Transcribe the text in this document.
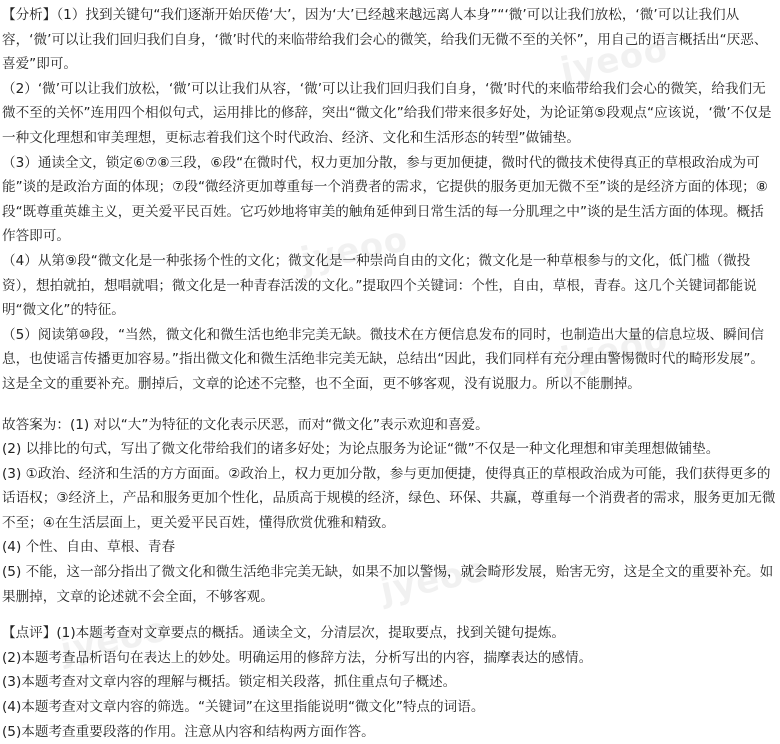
【分析】（1）找到关键句“我们逐渐开始厌倦‘大’，因为‘大’已经越来越远离人本身”“‘微’可以让我们放松，‘微’可以让我们从容，‘微’可以让我们回归我们自身，‘微’时代的来临带给我们会心的微笑，给我们无微不至的关怀”，用自己的语言概括出“厌恶、喜爱”即可。

（2）‘微’可以让我们放松，‘微’可以让我们从容，‘微’可以让我们回归我们自身，‘微’时代的来临带给我们会心的微笑，给我们无微不至的关怀”连用四个相似句式，运用排比的修辞，突出“微文化”给我们带来很多好处，为论证第⑤段观点“应该说，‘微’不仅是一种文化理想和审美理想，更标志着我们这个时代政治、经济、文化和生活形态的转型”做铺垫。

（3）通读全文，锁定⑥⑦⑧三段，⑥段“在微时代，权力更加分散，参与更加便捷，微时代的微技术使得真正的草根政治成为可能”谈的是政治方面的体现；⑦段“微经济更加尊重每一个消费者的需求，它提供的服务更加无微不至”谈的是经济方面的体现；⑧段“既尊重英雄主义，更关爱平民百姓。它巧妙地将审美的触角延伸到日常生活的每一分肌理之中”谈的是生活方面的体现。概括作答即可。

（4）从第⑨段“微文化是一种张扬个性的文化；微文化是一种崇尚自由的文化；微文化是一种草根参与的文化，低门槛（微投资），想拍就拍，想唱就唱；微文化是一种青春活泼的文化。”提取四个关键词：个性，自由，草根，青春。这几个关键词都能说明“微文化”的特征。

（5）阅读第⑩段，“当然，微文化和微生活也绝非完美无缺。微技术在方便信息发布的同时，也制造出大量的信息垃圾、瞬间信息，也使谣言传播更加容易。”指出微文化和微生活绝非完美无缺，总结出“因此，我们同样有充分理由警惕微时代的畸形发展”。这是全文的重要补充。删掉后，文章的论述不完整，也不全面，更不够客观，没有说服力。所以不能删掉。

故答案为：(1) 对以“大”为特征的文化表示厌恶，而对“微文化”表示欢迎和喜爱。

(2) 以排比的句式，写出了微文化带给我们的诸多好处；为论点服务为论证“微”不仅是一种文化理想和审美理想做铺垫。

(3) ①政治、经济和生活的方方面面。②政治上，权力更加分散，参与更加便捷，使得真正的草根政治成为可能，我们获得更多的话语权；③经济上，产品和服务更加个性化，品质高于规模的经济，绿色、环保、共赢，尊重每一个消费者的需求，服务更加无微不至；④在生活层面上，更关爱平民百姓，懂得欣赏优雅和精致。

(4) 个性、自由、草根、青春

(5) 不能，这一部分指出了微文化和微生活绝非完美无缺，如果不加以警惕，就会畸形发展，贻害无穷，这是全文的重要补充。如果删掉，文章的论述就不会全面，不够客观。

【点评】(1)本题考查对文章要点的概括。通读全文，分清层次，提取要点，找到关键句提炼。

(2)本题考查品析语句在表达上的妙处。明确运用的修辞方法，分析写出的内容，揣摩表达的感情。

(3)本题考查对文章内容的理解与概括。锁定相关段落，抓住重点句子概述。

(4)本题考查对文章内容的筛选。“关键词”在这里指能说明“微文化”特点的词语。

(5)本题考查重要段落的作用。注意从内容和结构两方面作答。

jyeoo
jyeoo
jyeoo
jyeoo
jyeoo
